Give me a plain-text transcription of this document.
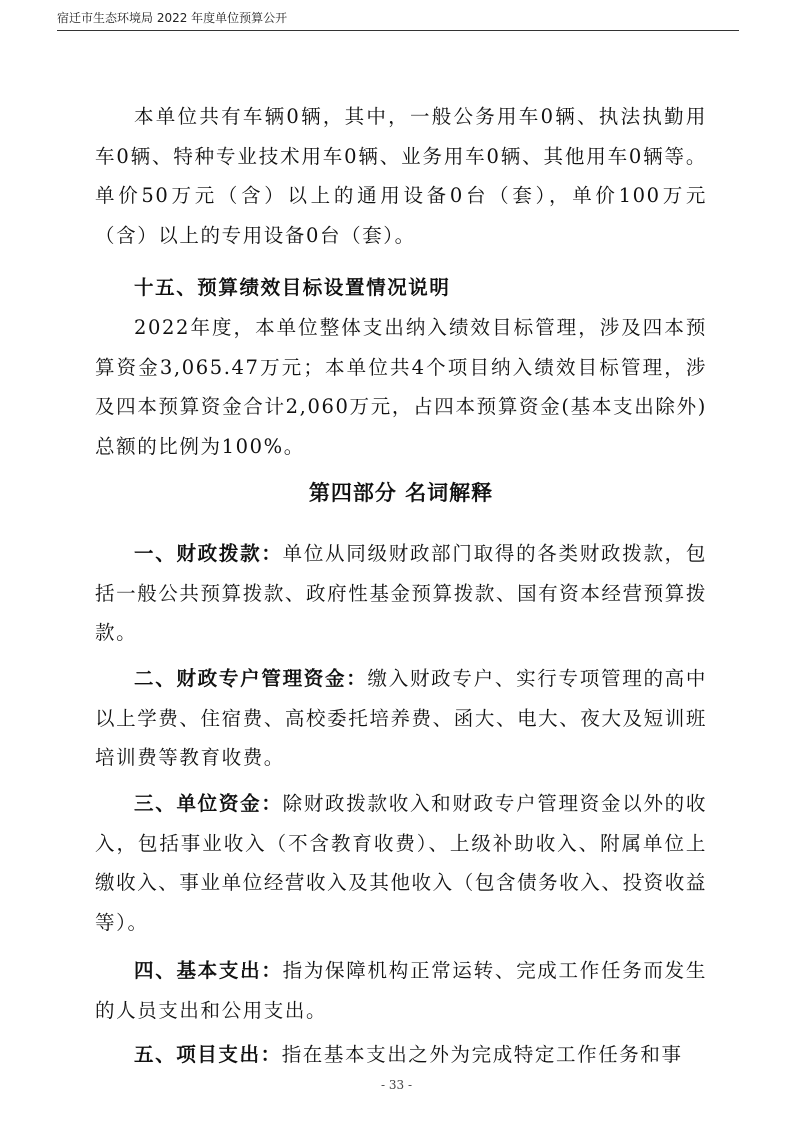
宿迁市生态环境局 2022 年度单位预算公开

本单位共有车辆0辆，其中，一般公务用车0辆、执法执勤用车0辆、特种专业技术用车0辆、业务用车0辆、其他用车0辆等。单价50万元（含）以上的通用设备0台（套），单价100万元（含）以上的专用设备0台（套）。

十五、预算绩效目标设置情况说明

2022年度，本单位整体支出纳入绩效目标管理，涉及四本预算资金3,065.47万元；本单位共4个项目纳入绩效目标管理，涉及四本预算资金合计2,060万元，占四本预算资金(基本支出除外)总额的比例为100%。

第四部分 名词解释

一、财政拨款：单位从同级财政部门取得的各类财政拨款，包括一般公共预算拨款、政府性基金预算拨款、国有资本经营预算拨款。

二、财政专户管理资金：缴入财政专户、实行专项管理的高中以上学费、住宿费、高校委托培养费、函大、电大、夜大及短训班培训费等教育收费。

三、单位资金：除财政拨款收入和财政专户管理资金以外的收入，包括事业收入（不含教育收费）、上级补助收入、附属单位上缴收入、事业单位经营收入及其他收入（包含债务收入、投资收益等）。

四、基本支出：指为保障机构正常运转、完成工作任务而发生的人员支出和公用支出。

五、项目支出：指在基本支出之外为完成特定工作任务和事

- 33 -
